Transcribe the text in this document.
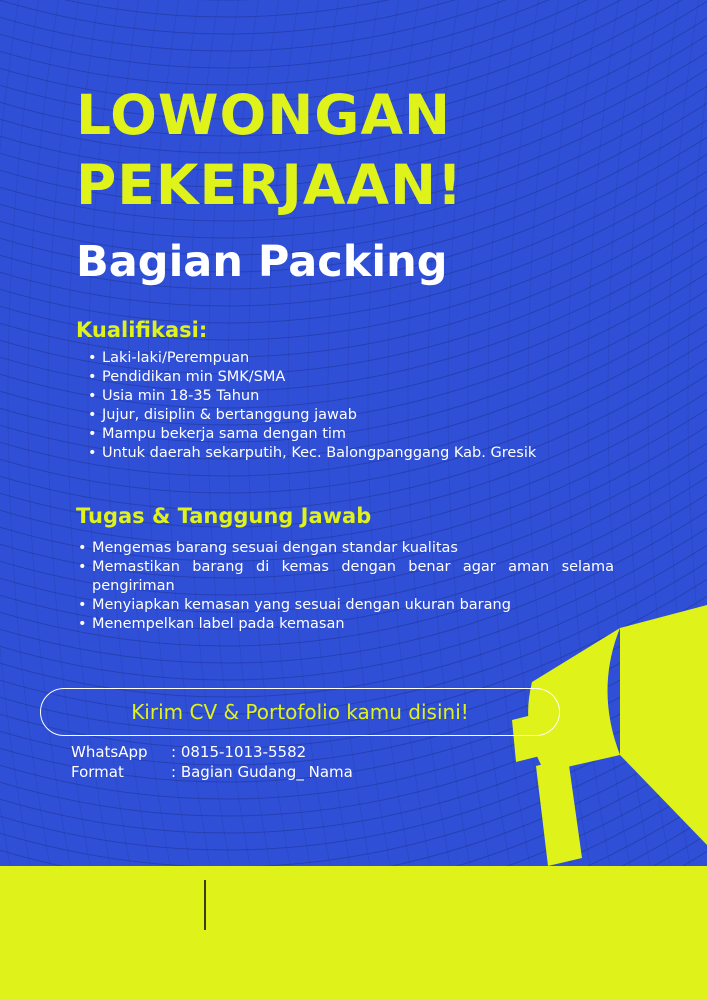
LOWONGAN
PEKERJAAN!
Bagian Packing
Kualifikasi:
• Laki-laki/Perempuan
• Pendidikan min SMK/SMA
• Usia min 18-35 Tahun
• Jujur, disiplin & bertanggung jawab
• Mampu bekerja sama dengan tim
• Untuk daerah sekarputih, Kec. Balongpanggang Kab. Gresik
Tugas & Tanggung Jawab
• Mengemas barang sesuai dengan standar kualitas
• Memastikan barang di kemas dengan benar agar aman selama pengiriman
• Menyiapkan kemasan yang sesuai dengan ukuran barang
• Menempelkan label pada kemasan
Kirim CV & Portofolio kamu disini!
WhatsApp : 0815-1013-5582
Format	: Bagian Gudang_ Nama
